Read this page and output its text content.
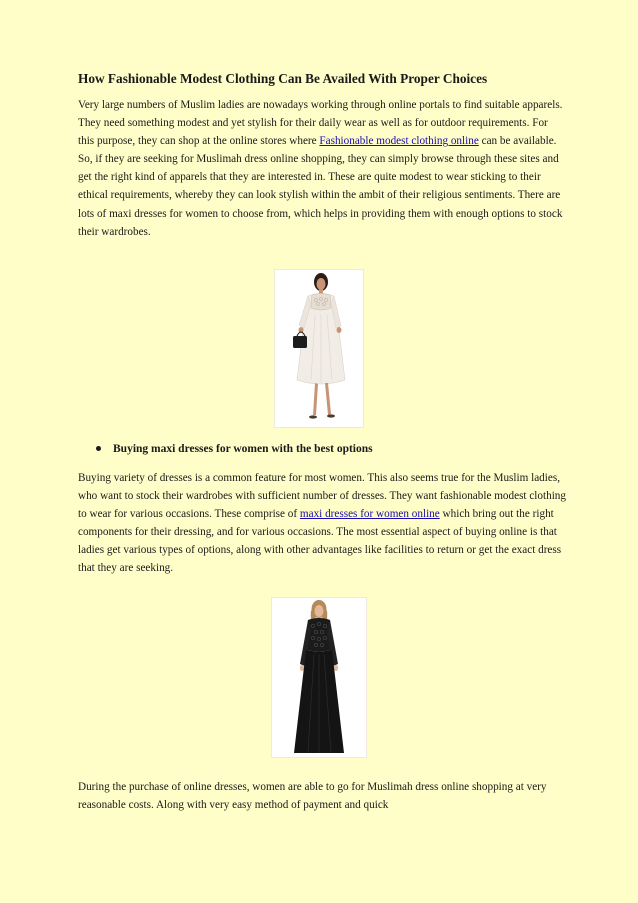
How Fashionable Modest Clothing Can Be Availed With Proper Choices

Very large numbers of Muslim ladies are nowadays working through online portals to find suitable apparels. They need something modest and yet stylish for their daily wear as well as for outdoor requirements. For this purpose, they can shop at the online stores where Fashionable modest clothing online can be available. So, if they are seeking for Muslimah dress online shopping, they can simply browse through these sites and get the right kind of apparels that they are interested in. These are quite modest to wear sticking to their ethical requirements, whereby they can look stylish within the ambit of their religious sentiments. There are lots of maxi dresses for women to choose from, which helps in providing them with enough options to stock their wardrobes.

Buying maxi dresses for women with the best options

Buying variety of dresses is a common feature for most women. This also seems true for the Muslim ladies, who want to stock their wardrobes with sufficient number of dresses. They want fashionable modest clothing to wear for various occasions. These comprise of maxi dresses for women online which bring out the right components for their dressing, and for various occasions. The most essential aspect of buying online is that ladies get various types of options, along with other advantages like facilities to return or get the exact dress that they are seeking.

During the purchase of online dresses, women are able to go for Muslimah dress online shopping at very reasonable costs. Along with very easy method of payment and quick
